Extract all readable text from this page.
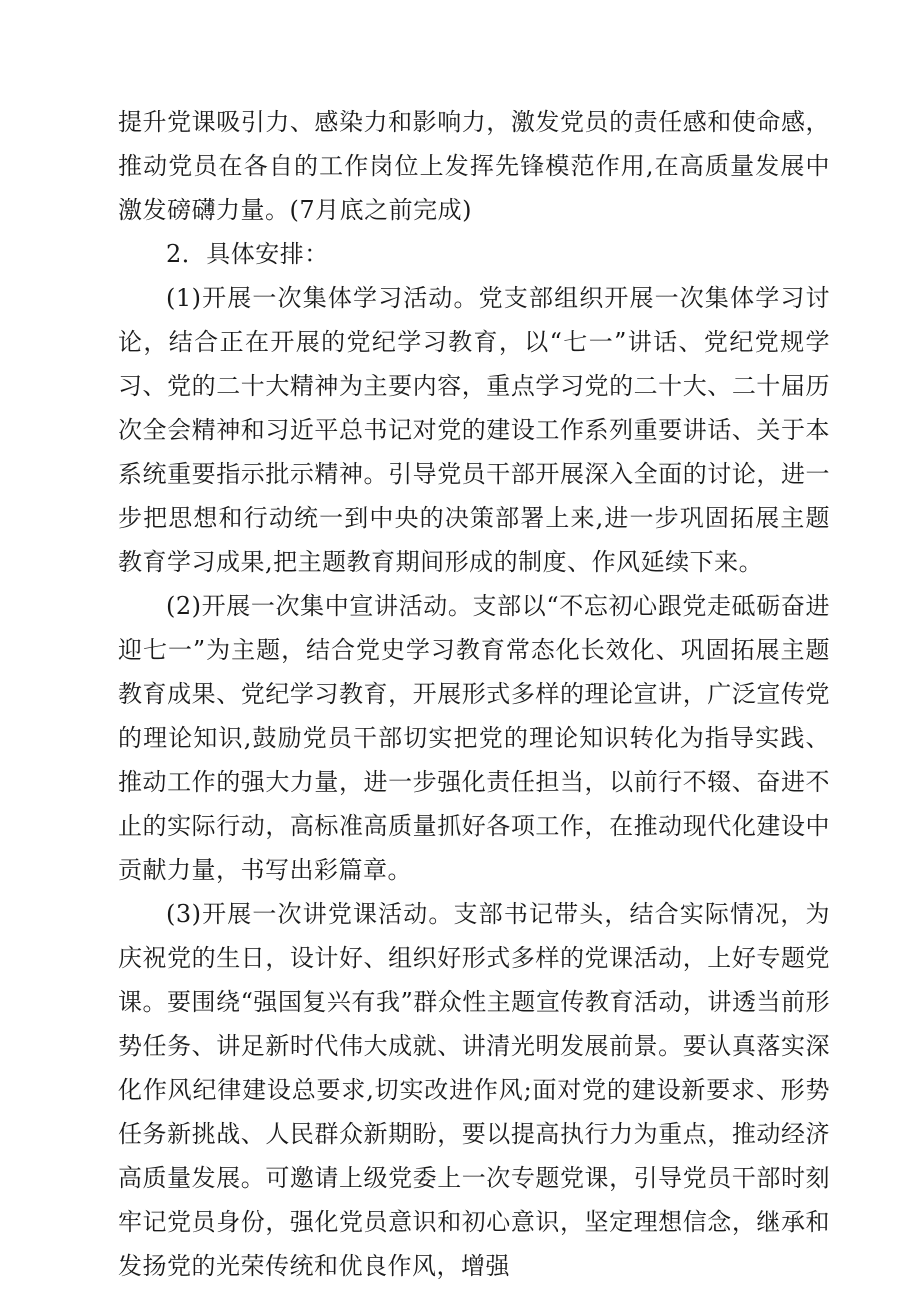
提升党课吸引力、感染力和影响力，激发党员的责任感和使命感，推动党员在各自的工作岗位上发挥先锋模范作用,在高质量发展中激发磅礴力量。(7月底之前完成)

2．具体安排：

(1)开展一次集体学习活动。党支部组织开展一次集体学习讨论，结合正在开展的党纪学习教育，以“七一”讲话、党纪党规学习、党的二十大精神为主要内容，重点学习党的二十大、二十届历次全会精神和习近平总书记对党的建设工作系列重要讲话、关于本系统重要指示批示精神。引导党员干部开展深入全面的讨论，进一步把思想和行动统一到中央的决策部署上来,进一步巩固拓展主题教育学习成果,把主题教育期间形成的制度、作风延续下来。

(2)开展一次集中宣讲活动。支部以“不忘初心跟党走砥砺奋进迎七一”为主题，结合党史学习教育常态化长效化、巩固拓展主题教育成果、党纪学习教育，开展形式多样的理论宣讲，广泛宣传党的理论知识,鼓励党员干部切实把党的理论知识转化为指导实践、推动工作的强大力量，进一步强化责任担当，以前行不辍、奋进不止的实际行动，高标准高质量抓好各项工作，在推动现代化建设中贡献力量，书写出彩篇章。

(3)开展一次讲党课活动。支部书记带头，结合实际情况，为庆祝党的生日，设计好、组织好形式多样的党课活动，上好专题党课。要围绕“强国复兴有我”群众性主题宣传教育活动，讲透当前形势任务、讲足新时代伟大成就、讲清光明发展前景。要认真落实深化作风纪律建设总要求,切实改进作风;面对党的建设新要求、形势任务新挑战、人民群众新期盼，要以提高执行力为重点，推动经济高质量发展。可邀请上级党委上一次专题党课，引导党员干部时刻牢记党员身份，强化党员意识和初心意识，坚定理想信念，继承和发扬党的光荣传统和优良作风，增强
